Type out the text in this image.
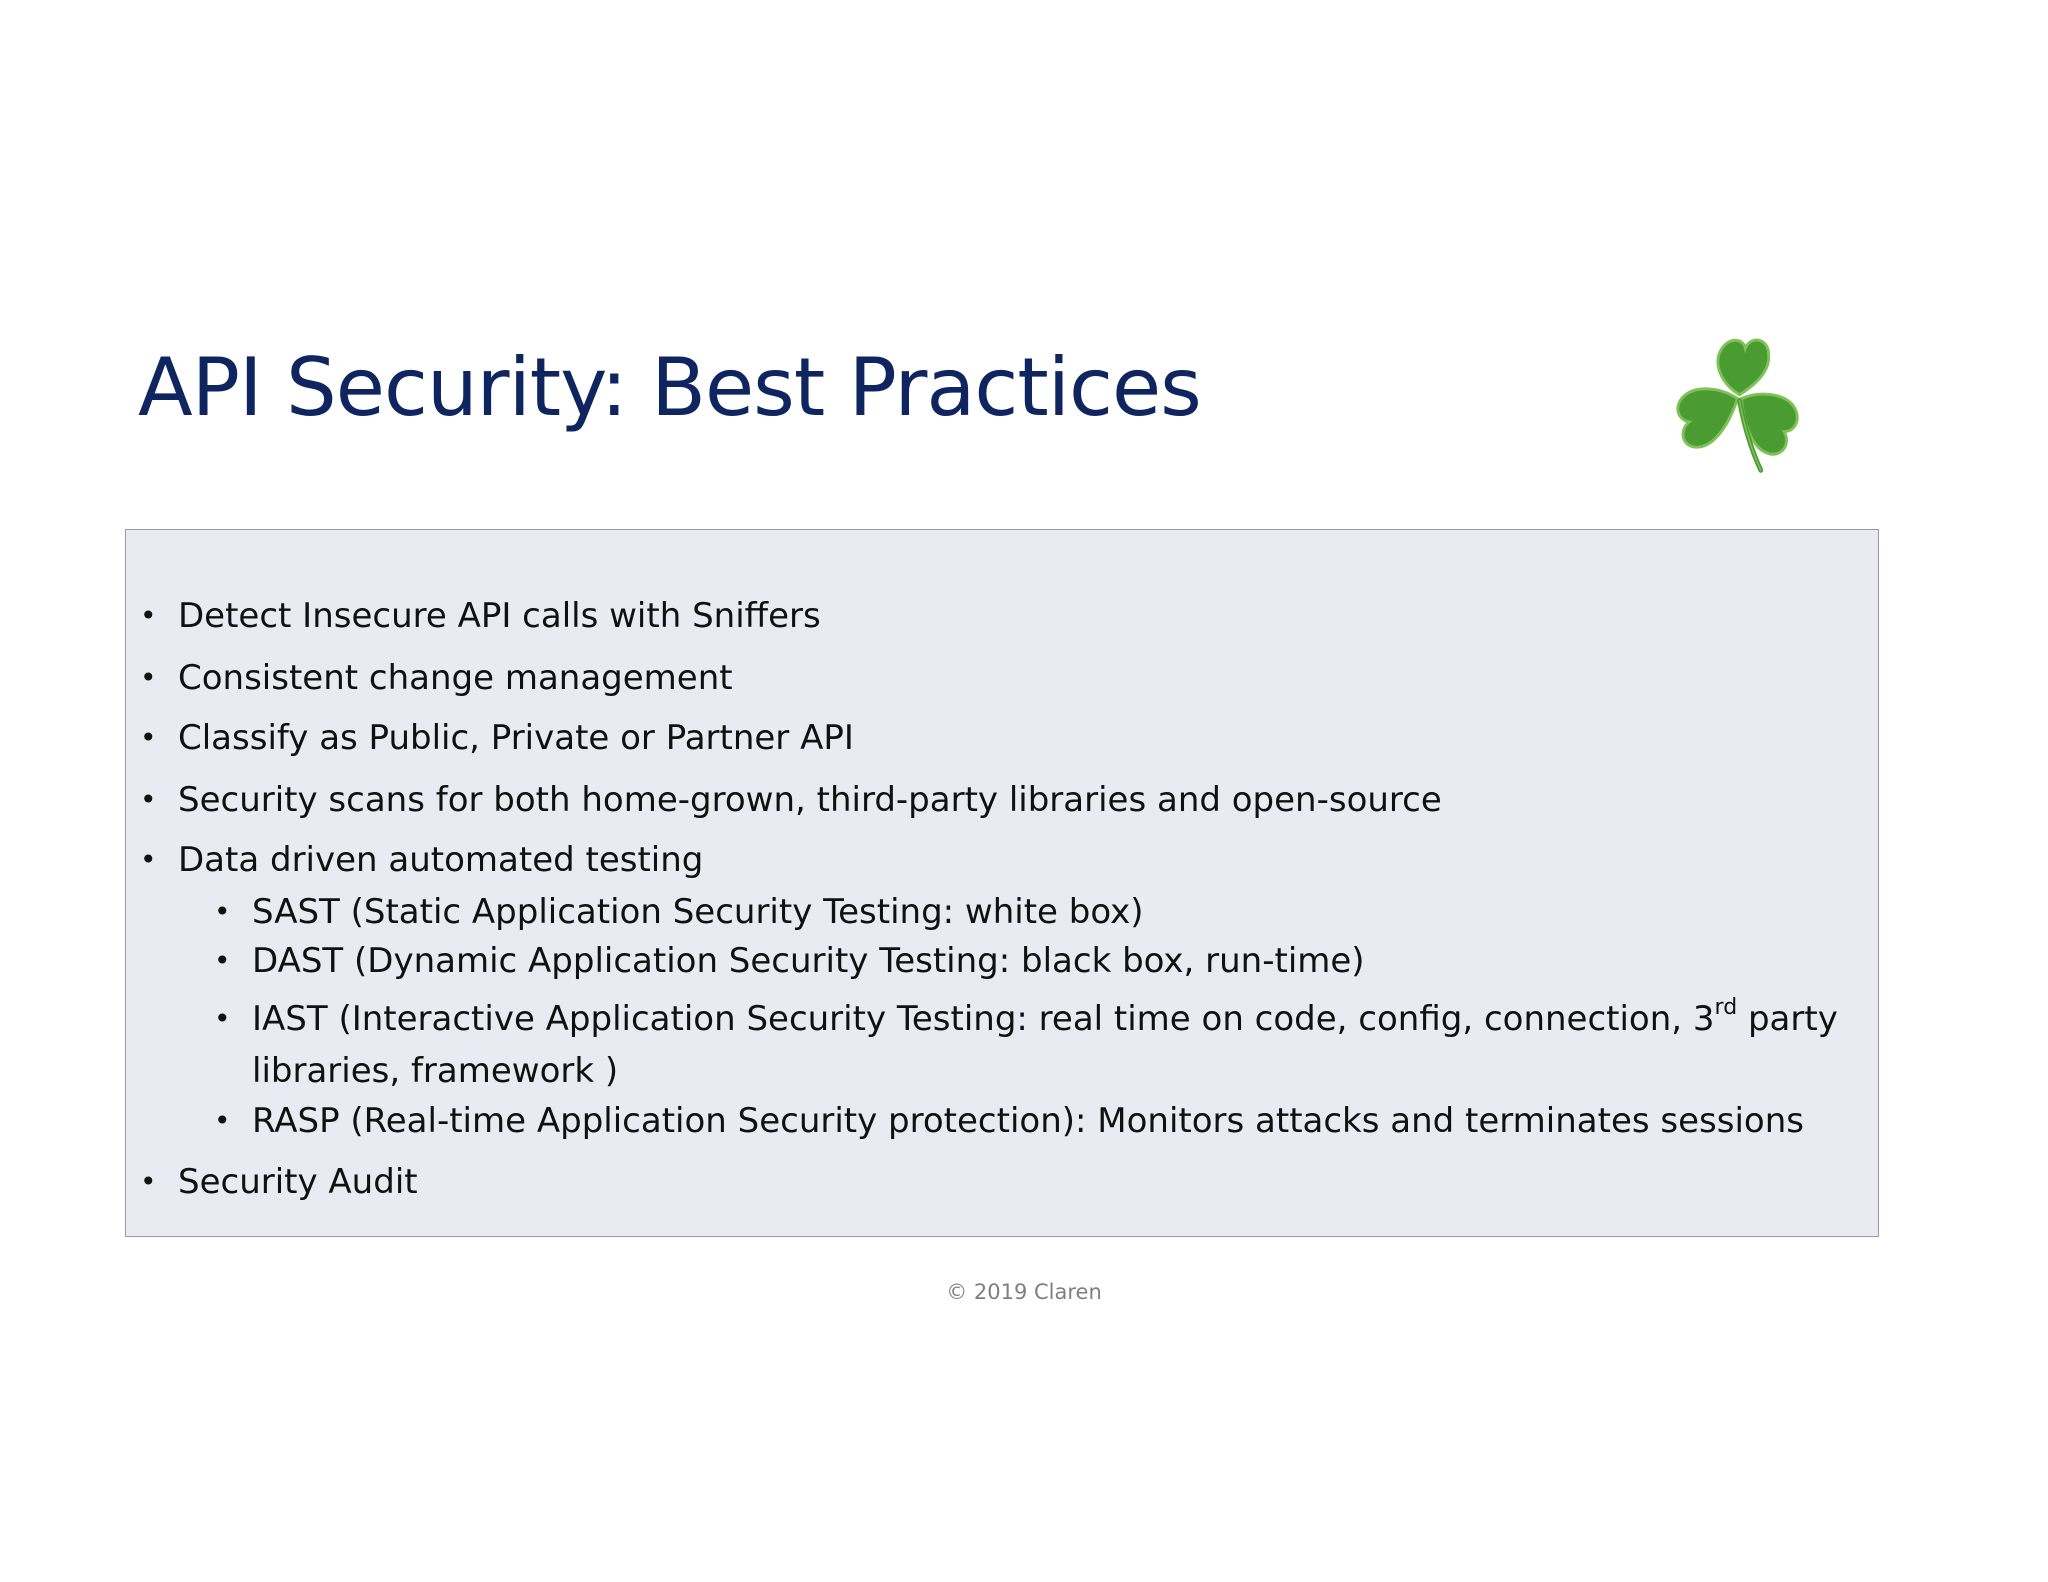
API Security: Best Practices
• Detect Insecure API calls with Sniffers
• Consistent change management
• Classify as Public, Private or Partner API
• Security scans for both home-grown, third-party libraries and open-source
• Data driven automated testing
• SAST (Static Application Security Testing: white box)
• DAST (Dynamic Application Security Testing: black box, run-time)
• IAST (Interactive Application Security Testing: real time on code, config, connection, 3rd party
libraries, framework )
• RASP (Real-time Application Security protection): Monitors attacks and terminates sessions
• Security Audit
© 2019 Claren
